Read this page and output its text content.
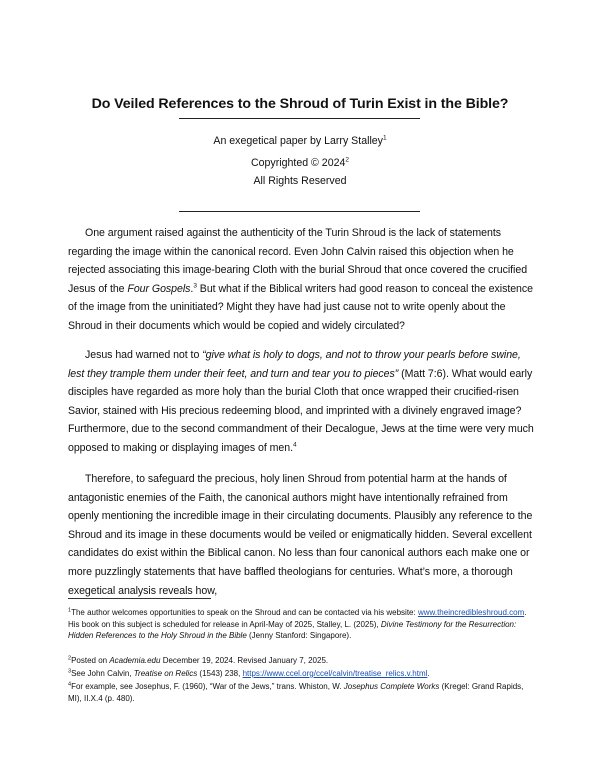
Do Veiled References to the Shroud of Turin Exist in the Bible?
An exegetical paper by Larry Stalley$^1$
Copyrighted © 2024$^2$
All Rights Reserved

One argument raised against the authenticity of the Turin Shroud is the lack of statements regarding the image within the canonical record. Even John Calvin raised this objection when he rejected associating this image-bearing Cloth with the burial Shroud that once covered the crucified Jesus of the Four Gospels.$^3$ But what if the Biblical writers had good reason to conceal the existence of the image from the uninitiated? Might they have had just cause not to write openly about the Shroud in their documents which would be copied and widely circulated?

Jesus had warned not to “give what is holy to dogs, and not to throw your pearls before swine, lest they trample them under their feet, and turn and tear you to pieces” (Matt 7:6). What would early disciples have regarded as more holy than the burial Cloth that once wrapped their crucified-risen Savior, stained with His precious redeeming blood, and imprinted with a divinely engraved image? Furthermore, due to the second commandment of their Decalogue, Jews at the time were very much opposed to making or displaying images of men.$^4$

Therefore, to safeguard the precious, holy linen Shroud from potential harm at the hands of antagonistic enemies of the Faith, the canonical authors might have intentionally refrained from openly mentioning the incredible image in their circulating documents. Plausibly any reference to the Shroud and its image in these documents would be veiled or enigmatically hidden. Several excellent candidates do exist within the Biblical canon. No less than four canonical authors each make one or more puzzlingly statements that have baffled theologians for centuries. What’s more, a thorough exegetical analysis reveals how,

$^1$The author welcomes opportunities to speak on the Shroud and can be contacted via his website: www.theincredibleshroud.com. His book on this subject is scheduled for release in April-May of 2025, Stalley, L. (2025), Divine Testimony for the Resurrection: Hidden References to the Holy Shroud in the Bible (Jenny Stanford: Singapore).

$^2$Posted on Academia.edu December 19, 2024. Revised January 7, 2025.

$^3$See John Calvin, Treatise on Relics (1543) 238, https://www.ccel.org/ccel/calvin/treatise_relics.v.html.

$^4$For example, see Josephus, F. (1960), “War of the Jews,” trans. Whiston, W. Josephus Complete Works (Kregel: Grand Rapids, MI), II.X.4 (p. 480).
